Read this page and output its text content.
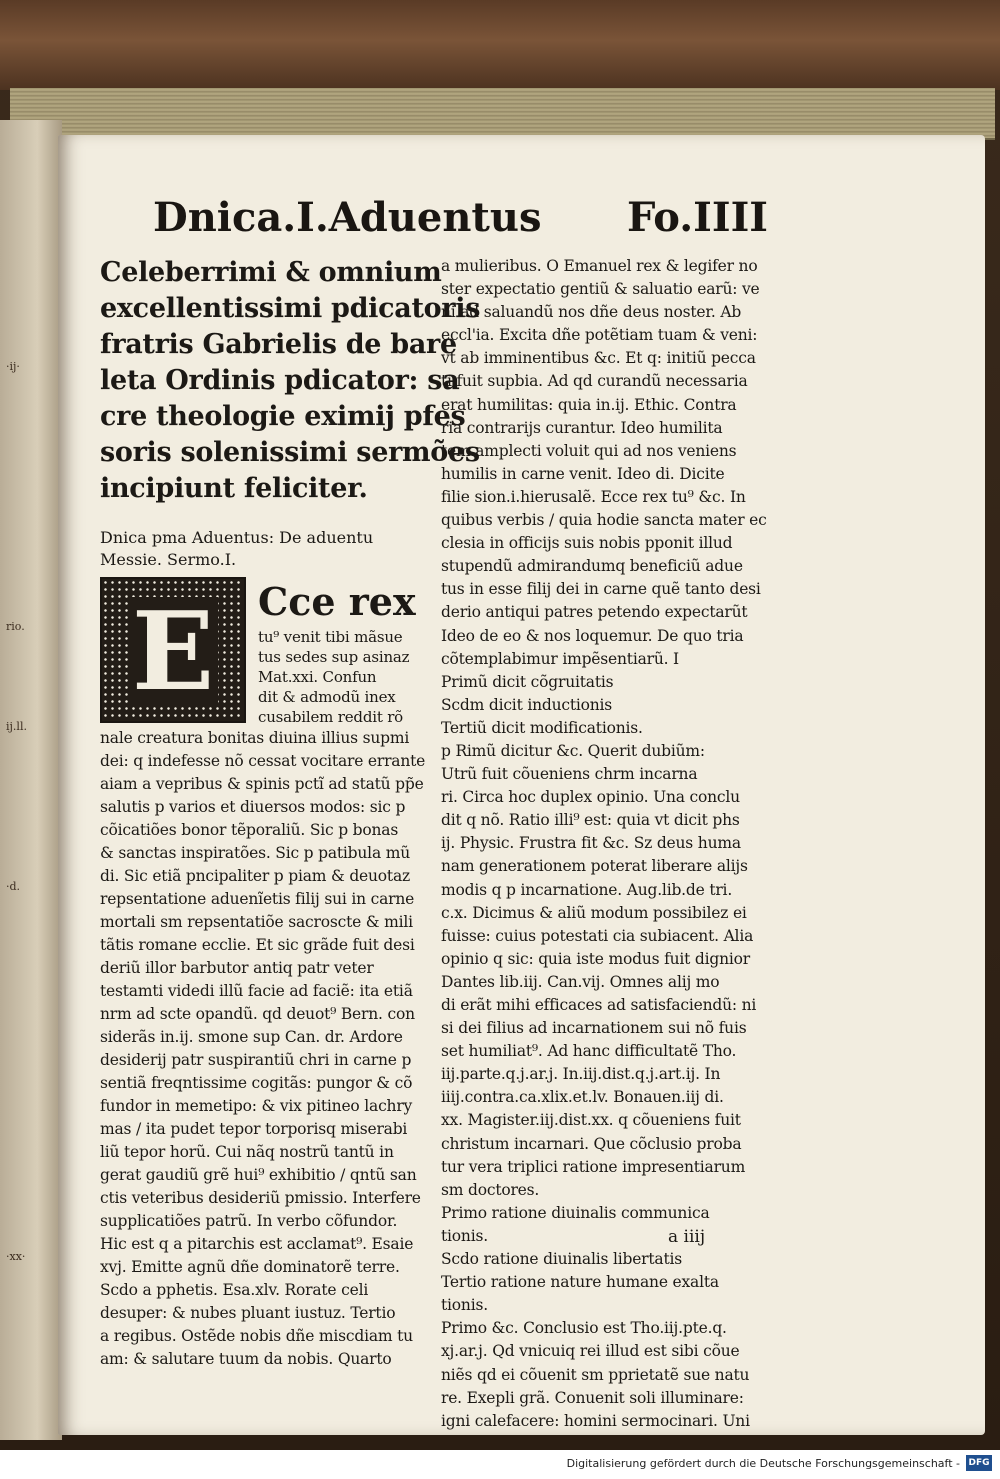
·ij·
rio.
ij.ll.
·d.
·xx·
Dnica.I.Aduentus Fo.IIII
Celeberrimi & omnium
excellentissimi pdicatoris
fratris Gabrielis de bare
leta Ordinis pdicator: sa
cre theologie eximij pfes
soris solenissimi sermões
incipiunt feliciter.
Dnica pma Aduentus: De aduentu
Messie. Sermo.I.
E	Cce rex
tu⁹ venit tibi mãsue
tus sedes sup asinaz
Mat.xxi. Confun
dit & admodũ inex
cusabilem reddit rõ
nale creatura bonitas diuina illius supmi
dei: q indefesse nõ cessat vocitare errante
aiam a vepribus & spinis pctĩ ad statũ pp̃e
salutis p varios et diuersos modos: sic p
cõicatiões bonor tẽporaliũ. Sic p bonas
& sanctas inspiratões. Sic p patibula mũ
di. Sic etiã pncipaliter p piam & deuotaz
repsentatione aduenĩetis filij sui in carne
mortali sm repsentatiõe sacroscte & mili
tãtis romane ecclie. Et sic grãde fuit desi
deriũ illor barbutor antiq patr veter
testamti videdi illũ facie ad faciẽ: ita etiã
nrm ad scte opandũ. qd deuot⁹ Bern. con
siderãs in.ij. smone sup Can. dr. Ardore
desiderij patr suspirantiũ chri in carne p
sentiã freqntissime cogitãs: pungor & cõ
fundor in memetipo: & vix pitineo lachry
mas / ita pudet tepor torporisq miserabi
liũ tepor horũ. Cui nãq nostrũ tantũ in
gerat gaudiũ grẽ hui⁹ exhibitio / qntũ san
ctis veteribus desideriũ pmissio. Interfere
supplicatiões patrũ. In verbo cõfundor.
Hic est q a pitarchis est acclamat⁹. Esaie
xvj. Emitte agnũ dñe dominatorẽ terre.
Scdo a pphetis. Esa.xlv. Rorate celi
desuper: & nubes pluant iustuz. Tertio
a regibus. Ostẽde nobis dñe miscdiam tu
am: & salutare tuum da nobis. Quarto
a mulieribus. O Emanuel rex & legifer no
ster expectatio gentiũ & saluatio earũ: ve
ni ad saluandũ nos dñe deus noster. Ab
eccl'ia. Excita dñe potẽtiam tuam & veni:
vt ab imminentibus &c. Et q: initiũ pecca
ti fuit supbia. Ad qd curandũ necessaria
erat humilitas: quia in.ij. Ethic. Contra
ria contrarijs curantur. Ideo humilita
tem amplecti voluit qui ad nos veniens
humilis in carne venit. Ideo di. Dicite
filie sion.i.hierusalẽ. Ecce rex tu⁹ &c. In
quibus verbis / quia hodie sancta mater ec
clesia in officijs suis nobis pponit illud
stupendũ admirandumq beneficiũ adue
tus in esse filij dei in carne quẽ tanto desi
derio antiqui patres petendo expectarũt
Ideo de eo & nos loquemur. De quo tria
cõtemplabimur impẽsentiarũ. I
Primũ dicit cõgruitatis
Scdm dicit inductionis
Tertiũ dicit modificationis.
p Rimũ dicitur &c. Querit dubiũm:
Utrũ fuit cõueniens chrm incarna
ri. Circa hoc duplex opinio. Una conclu
dit q nõ. Ratio illi⁹ est: quia vt dicit phs
ij. Physic. Frustra fit &c. Sz deus huma
nam generationem poterat liberare alijs
modis q p incarnatione. Aug.lib.de tri.
c.x. Dicimus & aliũ modum possibilez ei
fuisse: cuius potestati cia subiacent. Alia
opinio q sic: quia iste modus fuit dignior
Dantes lib.iij. Can.vij. Omnes alij mo
di erãt mihi efficaces ad satisfaciendũ: ni
si dei filius ad incarnationem sui nõ fuis
set humiliat⁹. Ad hanc difficultatẽ Tho.
iij.parte.q.j.ar.j. In.iij.dist.q.j.art.ij. In
iiij.contra.ca.xlix.et.lv. Bonauen.iij di.
xx. Magister.iij.dist.xx. q cõueniens fuit
christum incarnari. Que cõclusio proba
tur vera triplici ratione impresentiarum
sm doctores.
Primo ratione diuinalis communica
tionis.
Scdo ratione diuinalis libertatis
Tertio ratione nature humane exalta
tionis.
Primo &c. Conclusio est Tho.iij.pte.q.
xj.ar.j. Qd vnicuiq rei illud est sibi cõue
niẽs qd ei cõuenit sm pprietatẽ sue natu
re. Exepli grã. Conuenit soli illuminare:
igni calefacere: homini sermocinari. Uni
a iiij
Digitalisierung gefördert durch die Deutsche Forschungsgemeinschaft - DFG
